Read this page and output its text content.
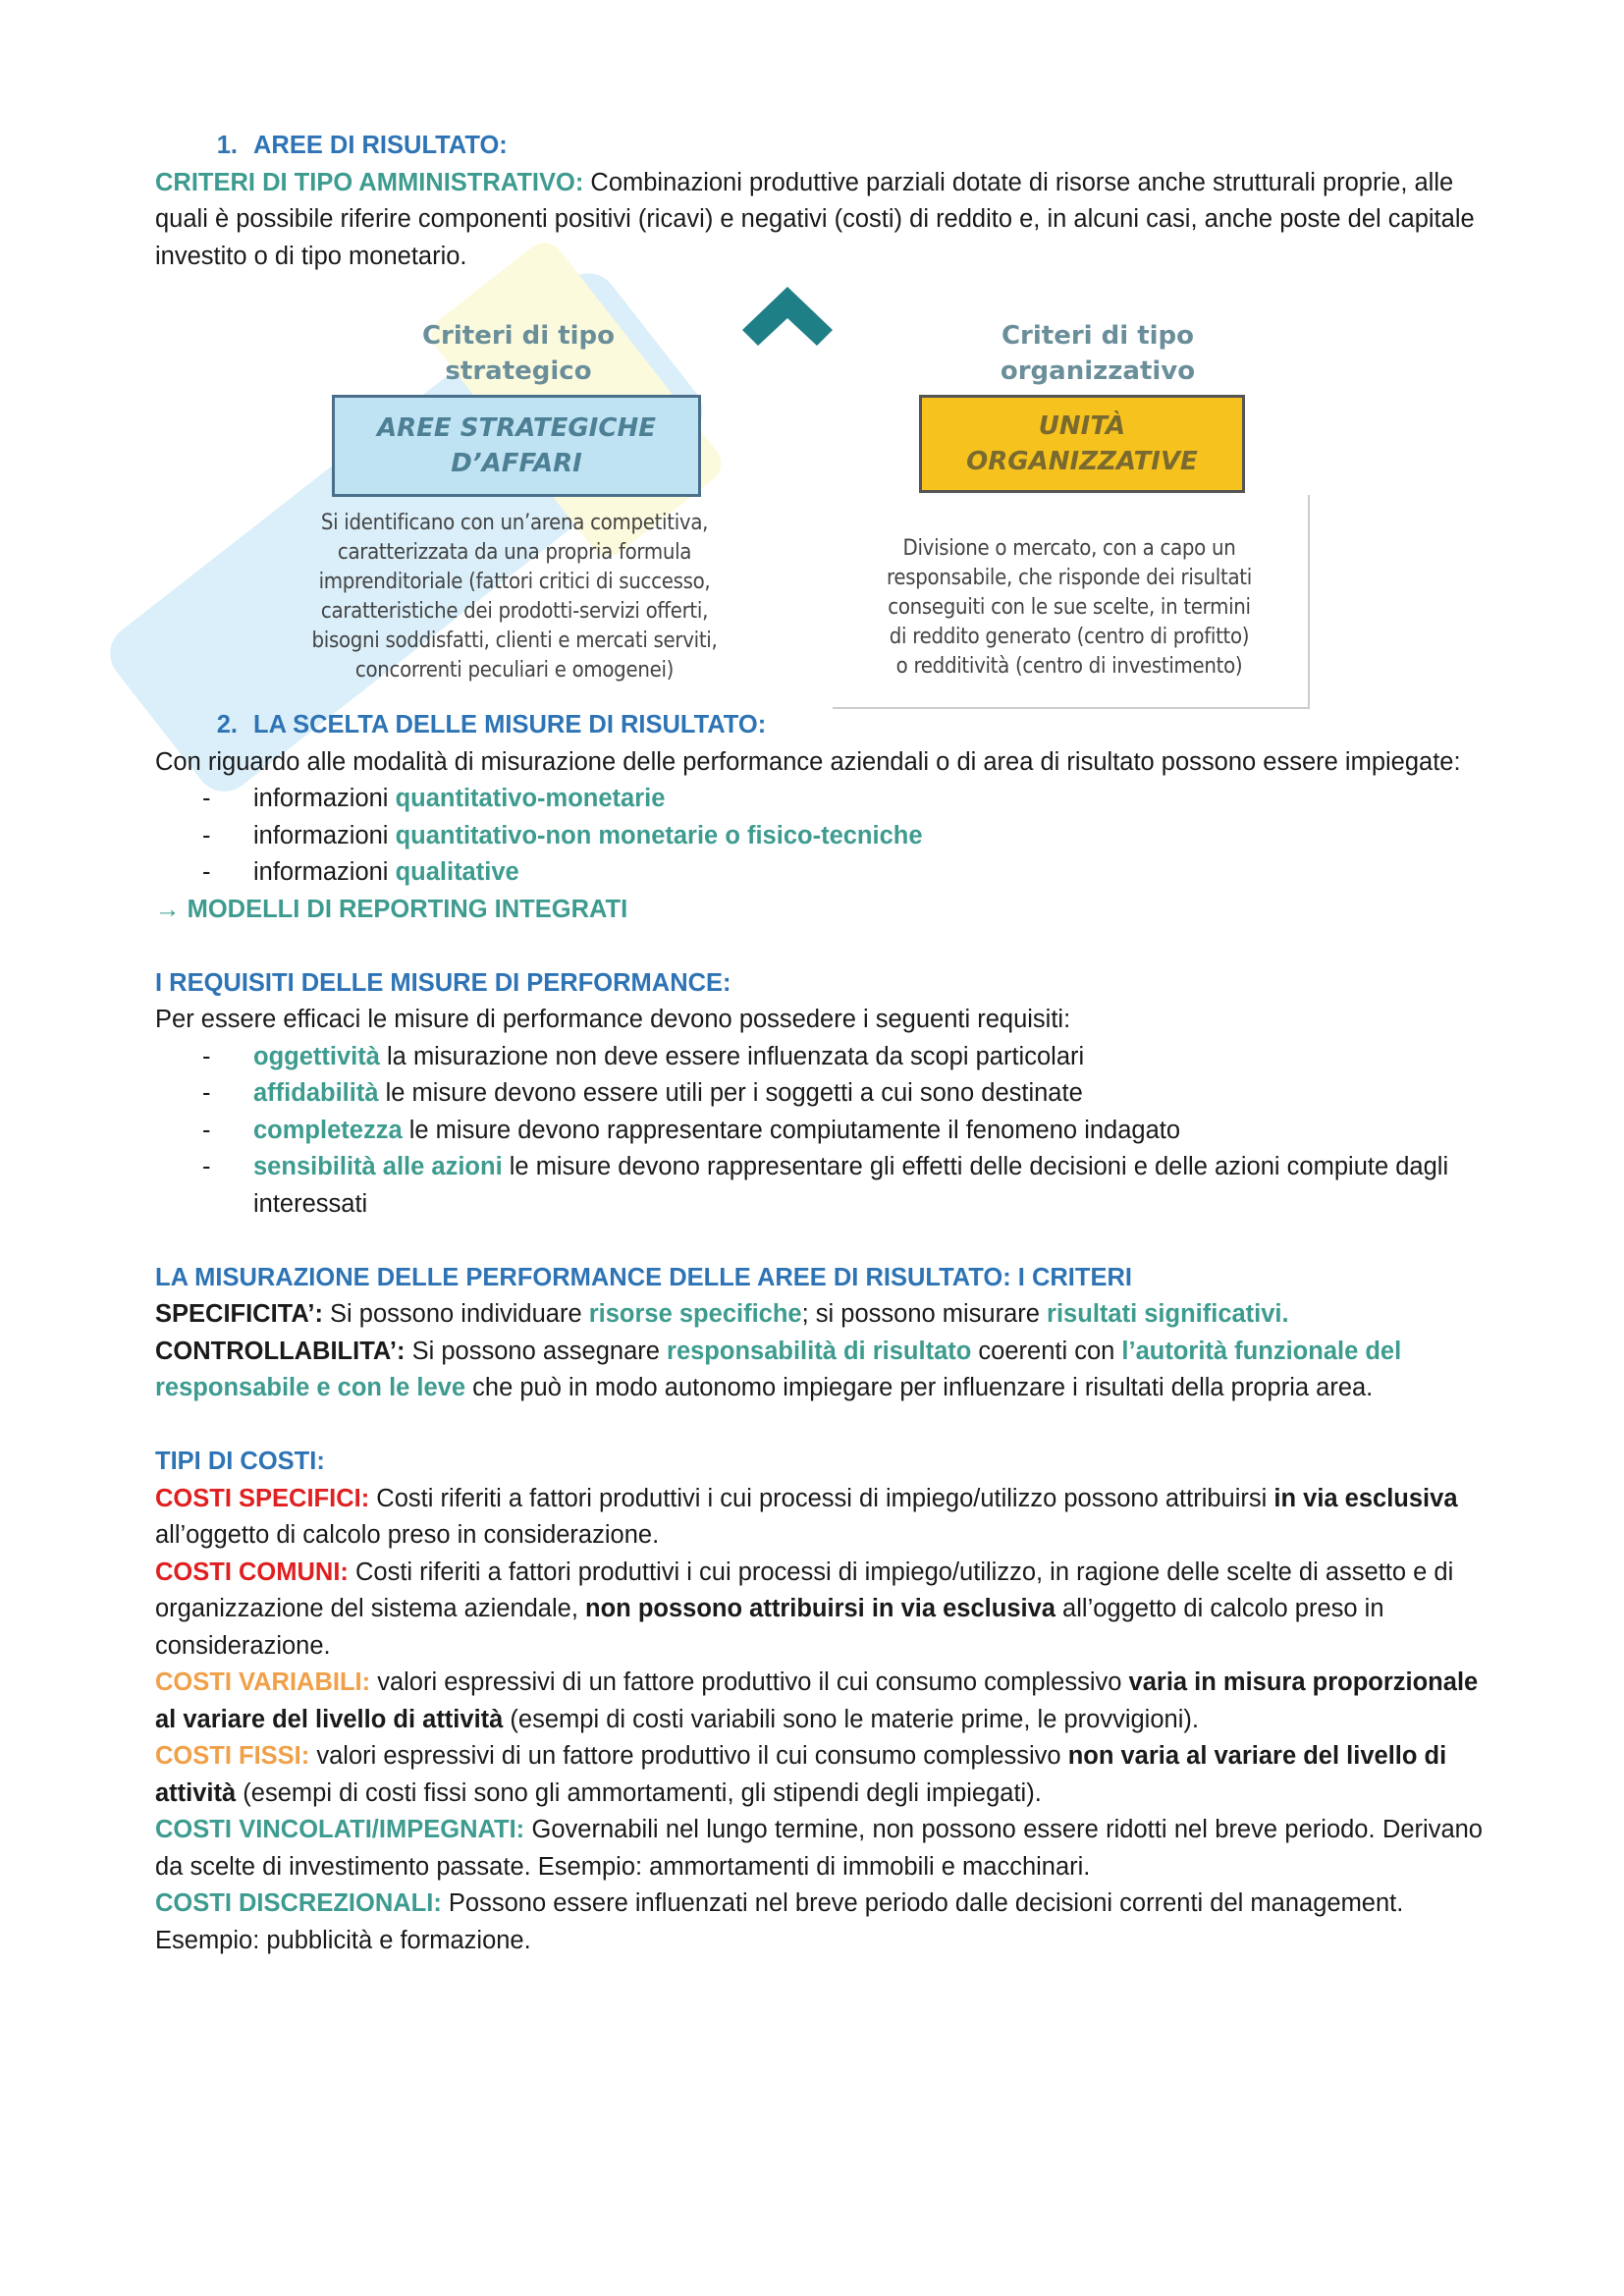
1. AREE DI RISULTATO:

CRITERI DI TIPO AMMINISTRATIVO: Combinazioni produttive parziali dotate di risorse anche strutturali proprie, alle quali è possibile riferire componenti positivi (ricavi) e negativi (costi) di reddito e, in alcuni casi, anche poste del capitale investito o di tipo monetario.

Criteri di tipo
strategico
AREE STRATEGICHE
D’AFFARI
Si identificano con un’arena competitiva,
caratterizzata da una propria formula
imprenditoriale (fattori critici di successo,
caratteristiche dei prodotti-servizi offerti,
bisogni soddisfatti, clienti e mercati serviti,
concorrenti peculiari e omogenei)
Criteri di tipo
organizzativo
UNITÀ
ORGANIZZATIVE
Divisione o mercato, con a capo un
responsabile, che risponde dei risultati
conseguiti con le sue scelte, in termini
di reddito generato (centro di profitto)
o redditività (centro di investimento)

2. LA SCELTA DELLE MISURE DI RISULTATO:

Con riguardo alle modalità di misurazione delle performance aziendali o di area di risultato possono essere impiegate:

-	informazioni quantitativo-monetarie
-	informazioni quantitativo-non monetarie o fisico-tecniche
-	informazioni qualitative

→ MODELLI DI REPORTING INTEGRATI

I REQUISITI DELLE MISURE DI PERFORMANCE:

Per essere efficaci le misure di performance devono possedere i seguenti requisiti:

-	oggettività la misurazione non deve essere influenzata da scopi particolari
-	affidabilità le misure devono essere utili per i soggetti a cui sono destinate
-	completezza le misure devono rappresentare compiutamente il fenomeno indagato
-	sensibilità alle azioni le misure devono rappresentare gli effetti delle decisioni e delle azioni compiute dagli interessati

LA MISURAZIONE DELLE PERFORMANCE DELLE AREE DI RISULTATO: I CRITERI

SPECIFICITA’: Si possono individuare risorse specifiche; si possono misurare risultati significativi.

CONTROLLABILITA’: Si possono assegnare responsabilità di risultato coerenti con l’autorità funzionale del responsabile e con le leve che può in modo autonomo impiegare per influenzare i risultati della propria area.

TIPI DI COSTI:

COSTI SPECIFICI: Costi riferiti a fattori produttivi i cui processi di impiego/utilizzo possono attribuirsi in via esclusiva all’oggetto di calcolo preso in considerazione.

COSTI COMUNI: Costi riferiti a fattori produttivi i cui processi di impiego/utilizzo, in ragione delle scelte di assetto e di organizzazione del sistema aziendale, non possono attribuirsi in via esclusiva all’oggetto di calcolo preso in considerazione.

COSTI VARIABILI: valori espressivi di un fattore produttivo il cui consumo complessivo varia in misura proporzionale al variare del livello di attività (esempi di costi variabili sono le materie prime, le provvigioni).

COSTI FISSI: valori espressivi di un fattore produttivo il cui consumo complessivo non varia al variare del livello di attività (esempi di costi fissi sono gli ammortamenti, gli stipendi degli impiegati).

COSTI VINCOLATI/IMPEGNATI: Governabili nel lungo termine, non possono essere ridotti nel breve periodo. Derivano da scelte di investimento passate. Esempio: ammortamenti di immobili e macchinari.

COSTI DISCREZIONALI: Possono essere influenzati nel breve periodo dalle decisioni correnti del management. Esempio: pubblicità e formazione.
